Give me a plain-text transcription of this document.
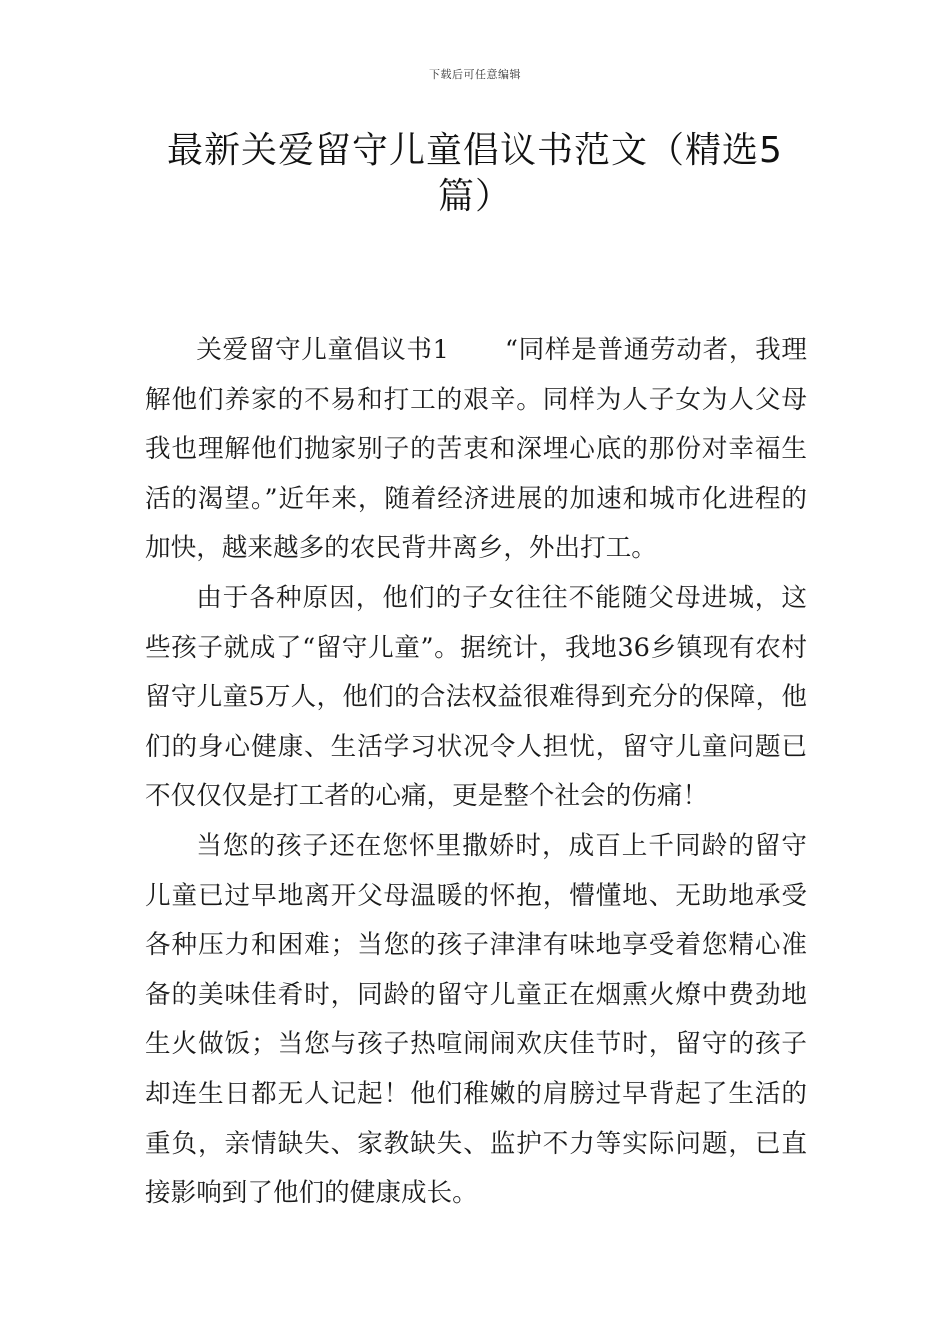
下载后可任意编辑
最新关爱留守儿童倡议书范文（精选5篇）

关爱留守儿童倡议书1 “同样是普通劳动者，我理解他们养家的不易和打工的艰辛。同样为人子女为人父母我也理解他们抛家别子的苦衷和深埋心底的那份对幸福生活的渴望。”近年来，随着经济进展的加速和城市化进程的加快，越来越多的农民背井离乡，外出打工。

由于各种原因，他们的子女往往不能随父母进城，这些孩子就成了“留守儿童”。据统计，我地36乡镇现有农村留守儿童5万人，他们的合法权益很难得到充分的保障，他们的身心健康、生活学习状况令人担忧，留守儿童问题已不仅仅仅是打工者的心痛，更是整个社会的伤痛！

当您的孩子还在您怀里撒娇时，成百上千同龄的留守儿童已过早地离开父母温暖的怀抱，懵懂地、无助地承受各种压力和困难；当您的孩子津津有味地享受着您精心准备的美味佳肴时，同龄的留守儿童正在烟熏火燎中费劲地生火做饭；当您与孩子热喧闹闹欢庆佳节时，留守的孩子却连生日都无人记起！他们稚嫩的肩膀过早背起了生活的重负，亲情缺失、家教缺失、监护不力等实际问题，已直接影响到了他们的健康成长。
